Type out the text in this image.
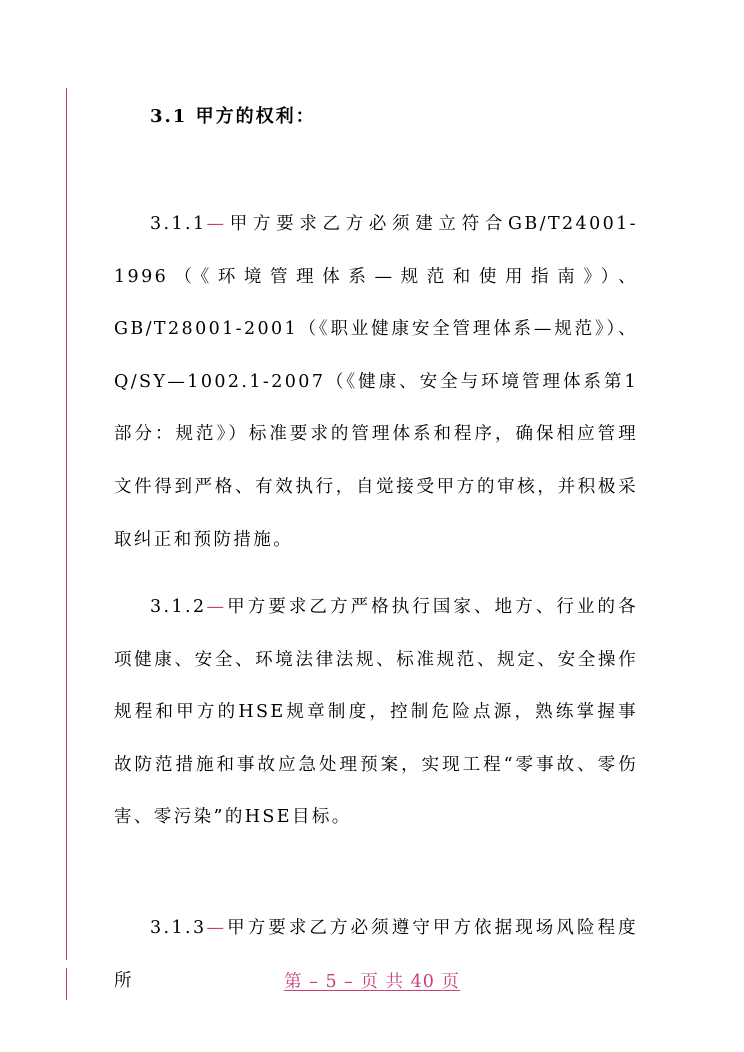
3.1 甲方的权利：

3.1.1—甲方要求乙方必须建立符合GB/T24001-1996（《环境管理体系—规范和使用指南》）、GB/T28001-2001（《职业健康安全管理体系—规范》）、Q/SY—1002.1-2007（《健康、安全与环境管理体系第1部分：规范》）标准要求的管理体系和程序，确保相应管理文件得到严格、有效执行，自觉接受甲方的审核，并积极采取纠正和预防措施。

3.1.2—甲方要求乙方严格执行国家、地方、行业的各项健康、安全、环境法律法规、标准规范、规定、安全操作规程和甲方的HSE规章制度，控制危险点源，熟练掌握事故防范措施和事故应急处理预案，实现工程“零事故、零伤害、零污染”的HSE目标。

3.1.3—甲方要求乙方必须遵守甲方依据现场风险程度所	第 – 5 – 页 共 40 页
